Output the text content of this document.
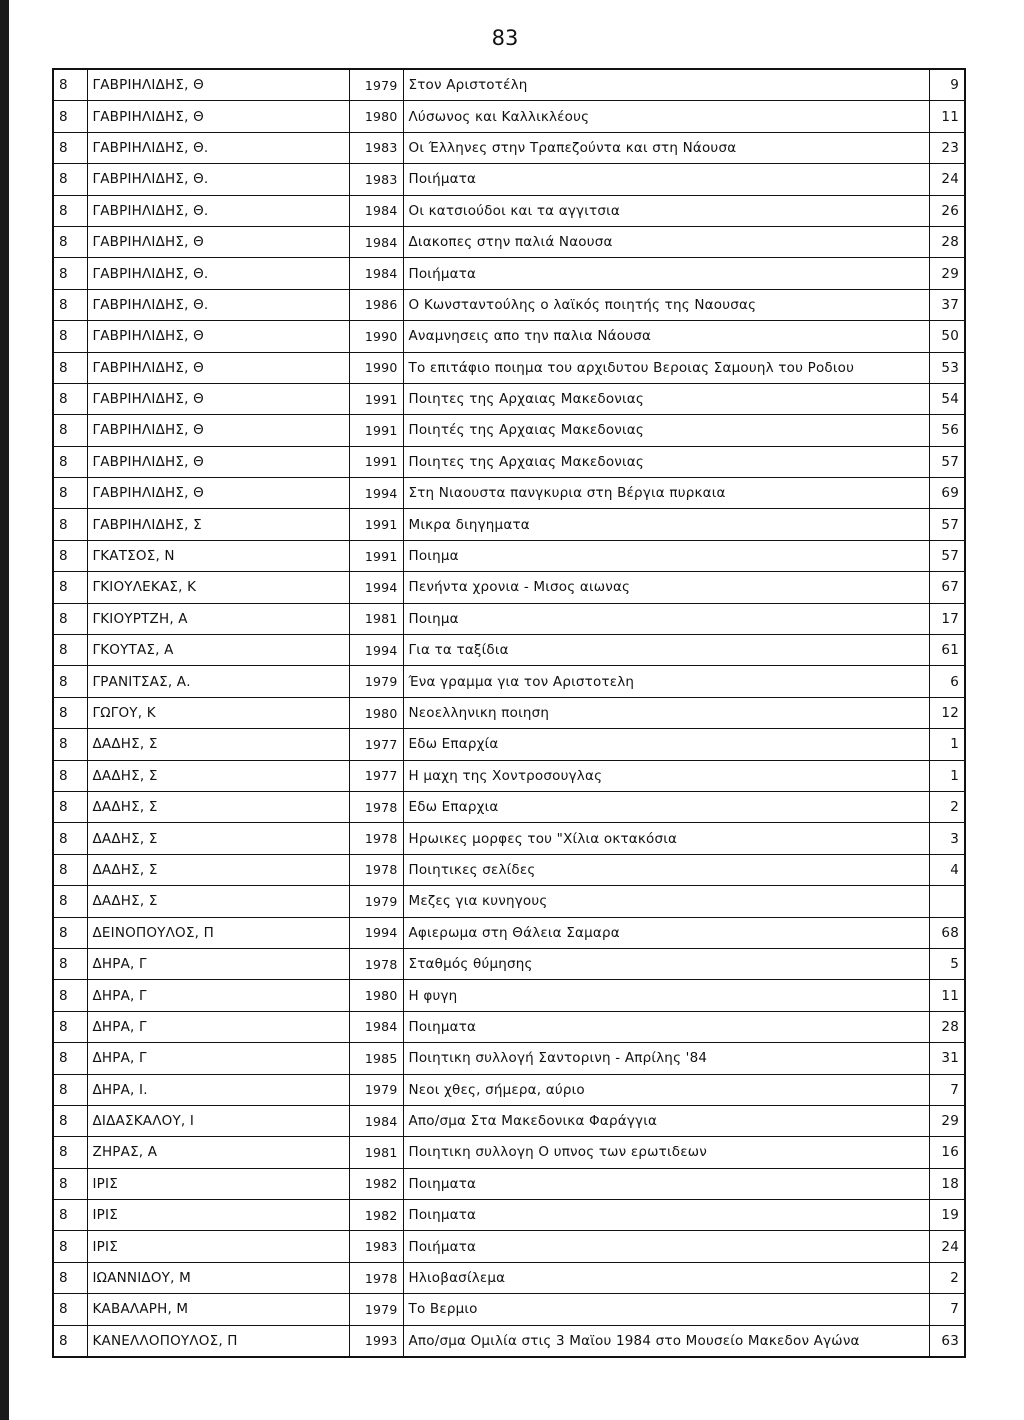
83
8	ΓΑΒΡΙΗΛΙΔΗΣ, Θ	1979	Στον Αριστοτέλη	9
8	ΓΑΒΡΙΗΛΙΔΗΣ, Θ	1980	Λύσωνος και Καλλικλέους	11
8	ΓΑΒΡΙΗΛΙΔΗΣ, Θ.	1983	Οι Έλληνες στην Τραπεζούντα και στη Νάουσα	23
8	ΓΑΒΡΙΗΛΙΔΗΣ, Θ.	1983	Ποιήματα	24
8	ΓΑΒΡΙΗΛΙΔΗΣ, Θ.	1984	Οι κατσιούδοι και τα αγγιτσια	26
8	ΓΑΒΡΙΗΛΙΔΗΣ, Θ	1984	Διακοπες στην παλιά Ναουσα	28
8	ΓΑΒΡΙΗΛΙΔΗΣ, Θ.	1984	Ποιήματα	29
8	ΓΑΒΡΙΗΛΙΔΗΣ, Θ.	1986	Ο Κωνσταντούλης ο λαϊκός ποιητής της Ναουσας	37
8	ΓΑΒΡΙΗΛΙΔΗΣ, Θ	1990	Αναμνησεις απο την παλια Νάουσα	50
8	ΓΑΒΡΙΗΛΙΔΗΣ, Θ	1990	Το επιτάφιο ποιημα του αρχιδυτου Βεροιας Σαμουηλ του Ροδιου	53
8	ΓΑΒΡΙΗΛΙΔΗΣ, Θ	1991	Ποιητες της Αρχαιας Μακεδονιας	54
8	ΓΑΒΡΙΗΛΙΔΗΣ, Θ	1991	Ποιητές της Αρχαιας Μακεδονιας	56
8	ΓΑΒΡΙΗΛΙΔΗΣ, Θ	1991	Ποιητες της Αρχαιας Μακεδονιας	57
8	ΓΑΒΡΙΗΛΙΔΗΣ, Θ	1994	Στη Νιαουστα πανγκυρια στη Βέργια πυρκαια	69
8	ΓΑΒΡΙΗΛΙΔΗΣ, Σ	1991	Μικρα διηγηματα	57
8	ΓΚΑΤΣΟΣ, Ν	1991	Ποιημα	57
8	ΓΚΙΟΥΛΕΚΑΣ, Κ	1994	Πενήντα χρονια - Μισος αιωνας	67
8	ΓΚΙΟΥΡΤΖΗ, Α	1981	Ποιημα	17
8	ΓΚΟΥΤΑΣ, Α	1994	Για τα ταξίδια	61
8	ΓΡΑΝΙΤΣΑΣ, Α.	1979	Ένα γραμμα για τον Αριστοτελη	6
8	ΓΩΓΟΥ, Κ	1980	Νεοελληνικη ποιηση	12
8	ΔΑΔΗΣ, Σ	1977	Εδω Επαρχία	1
8	ΔΑΔΗΣ, Σ	1977	Η μαχη της Χοντροσουγλας	1
8	ΔΑΔΗΣ, Σ	1978	Εδω Επαρχια	2
8	ΔΑΔΗΣ, Σ	1978	Ηρωικες μορφες του "Χίλια οκτακόσια	3
8	ΔΑΔΗΣ, Σ	1978	Ποιητικες σελίδες	4
8	ΔΑΔΗΣ, Σ	1979	Μεζες για κυνηγους	
8	ΔΕΙΝΟΠΟΥΛΟΣ, Π	1994	Αφιερωμα στη Θάλεια Σαμαρα	68
8	ΔΗΡΑ, Γ	1978	Σταθμός θύμησης	5
8	ΔΗΡΑ, Γ	1980	Η φυγη	11
8	ΔΗΡΑ, Γ	1984	Ποιηματα	28
8	ΔΗΡΑ, Γ	1985	Ποιητικη συλλογή Σαντορινη - Απρίλης '84	31
8	ΔΗΡΑ, Ι.	1979	Νεοι χθες, σήμερα, αύριο	7
8	ΔΙΔΑΣΚΑΛΟΥ, Ι	1984	Απο/σμα Στα Μακεδονικα Φαράγγια	29
8	ΖΗΡΑΣ, Α	1981	Ποιητικη συλλογη Ο υπνος των ερωτιδεων	16
8	ΙΡΙΣ	1982	Ποιηματα	18
8	ΙΡΙΣ	1982	Ποιηματα	19
8	ΙΡΙΣ	1983	Ποιήματα	24
8	ΙΩΑΝΝΙΔΟΥ, Μ	1978	Ηλιοβασίλεμα	2
8	ΚΑΒΑΛΑΡΗ, Μ	1979	Το Βερμιο	7
8	ΚΑΝΕΛΛΟΠΟΥΛΟΣ, Π	1993	Απο/σμα Ομιλία στις 3 Μαϊου 1984 στο Μουσείο Μακεδον Αγώνα	63
